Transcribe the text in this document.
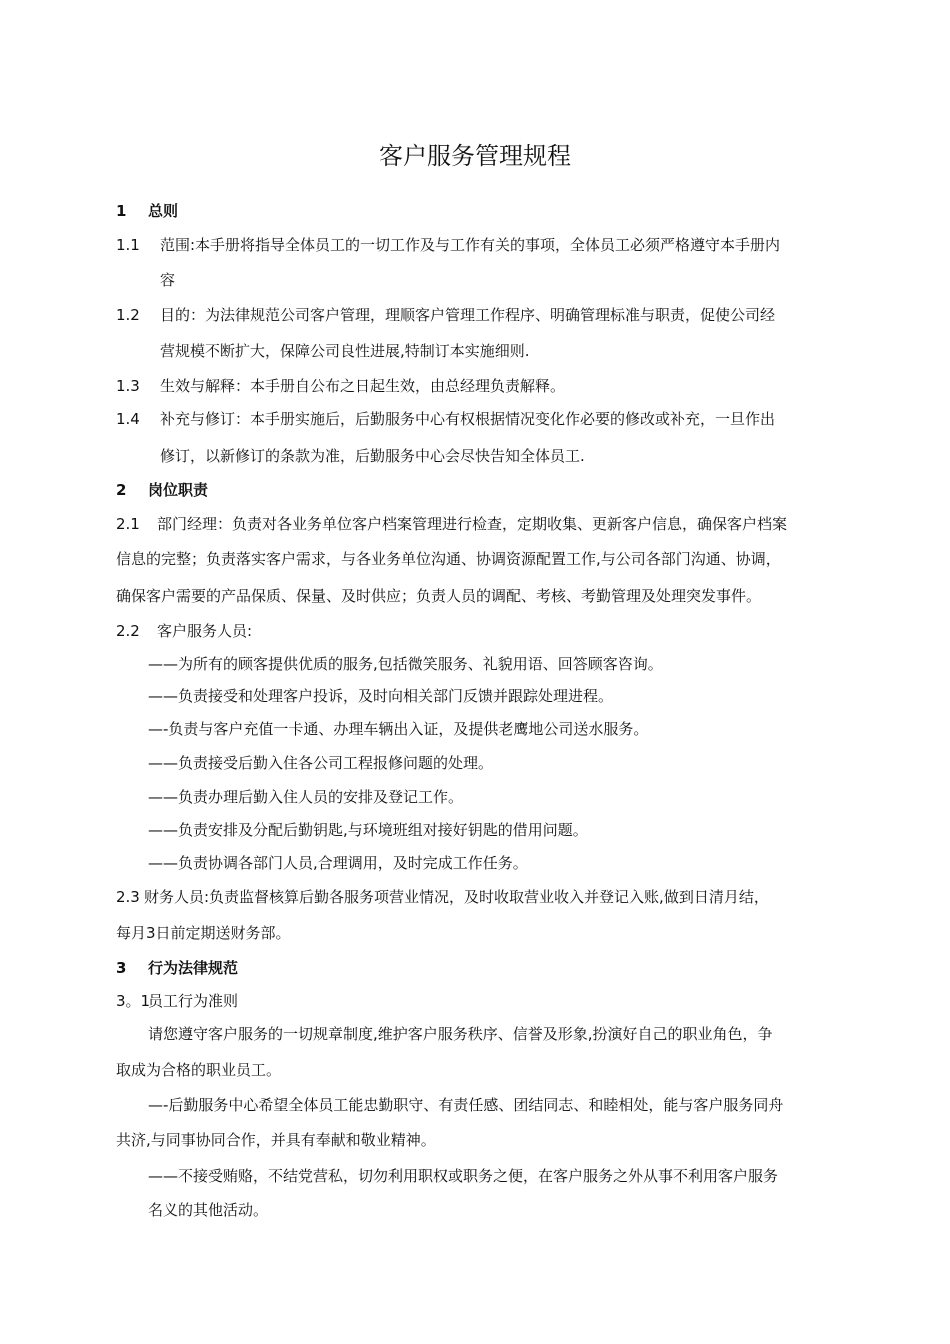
客户服务管理规程
1 总则
1.1 范围:本手册将指导全体员工的一切工作及与工作有关的事项，全体员工必须严格遵守本手册内
容
1.2 目的：为法律规范公司客户管理，理顺客户管理工作程序、明确管理标准与职责，促使公司经
营规模不断扩大，保障公司良性进展,特制订本实施细则.
1.3 生效与解释：本手册自公布之日起生效，由总经理负责解释。
1.4 补充与修订：本手册实施后，后勤服务中心有权根据情况变化作必要的修改或补充，一旦作出
修订，以新修订的条款为准，后勤服务中心会尽快告知全体员工.
2 岗位职责
2.1 部门经理：负责对各业务单位客户档案管理进行检查，定期收集、更新客户信息，确保客户档案
信息的完整；负责落实客户需求，与各业务单位沟通、协调资源配置工作,与公司各部门沟通、协调，
确保客户需要的产品保质、保量、及时供应；负责人员的调配、考核、考勤管理及处理突发事件。
2.2 客户服务人员:
——为所有的顾客提供优质的服务,包括微笑服务、礼貌用语、回答顾客咨询。
——负责接受和处理客户投诉，及时向相关部门反馈并跟踪处理进程。
—-负责与客户充值一卡通、办理车辆出入证，及提供老鹰地公司送水服务。
——负责接受后勤入住各公司工程报修问题的处理。
——负责办理后勤入住人员的安排及登记工作。
——负责安排及分配后勤钥匙,与环境班组对接好钥匙的借用问题。
——负责协调各部门人员,合理调用，及时完成工作任务。
2.3 财务人员:负责监督核算后勤各服务项营业情况，及时收取营业收入并登记入账,做到日清月结，
每月3日前定期送财务部。
3 行为法律规范
3。1员工行为准则
请您遵守客户服务的一切规章制度,维护客户服务秩序、信誉及形象,扮演好自己的职业角色，争
取成为合格的职业员工。
—-后勤服务中心希望全体员工能忠勤职守、有责任感、团结同志、和睦相处，能与客户服务同舟
共济,与同事协同合作，并具有奉献和敬业精神。
——不接受贿赂，不结党营私，切勿利用职权或职务之便，在客户服务之外从事不利用客户服务
名义的其他活动。
